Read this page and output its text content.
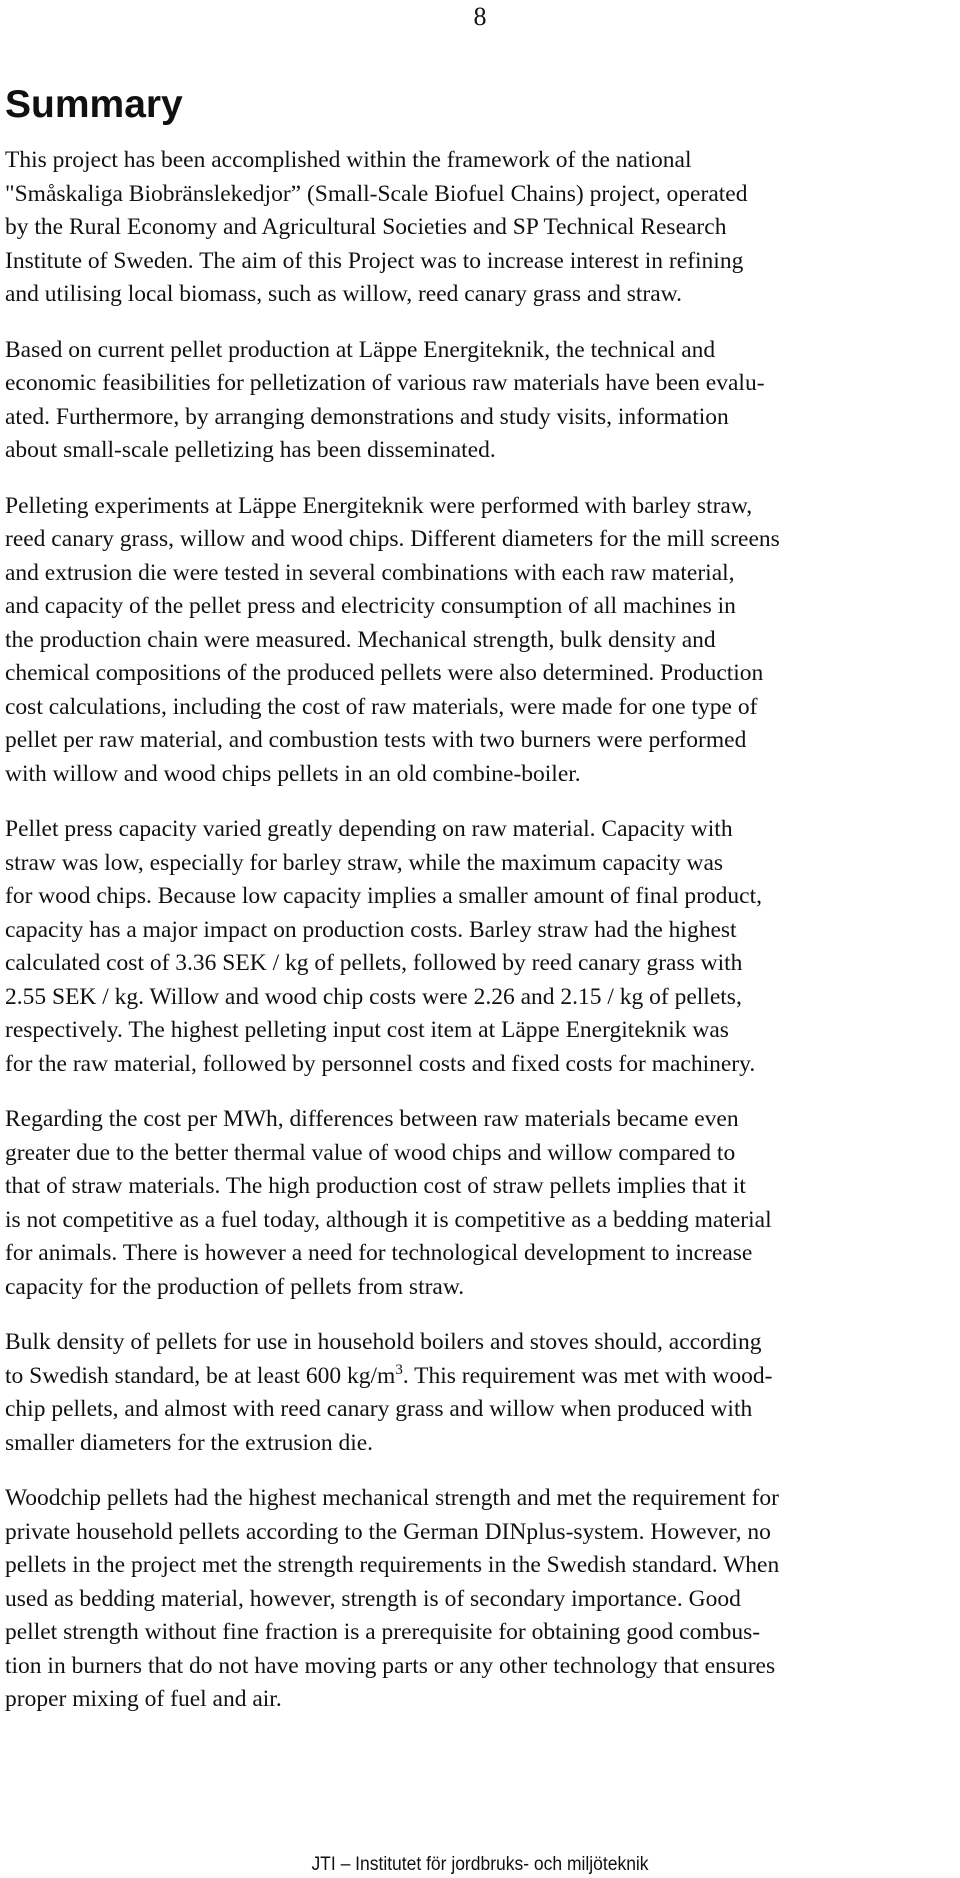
8
Summary

This project has been accomplished within the framework of the national
"Småskaliga Biobränslekedjor” (Small-Scale Biofuel Chains) project, operated
by the Rural Economy and Agricultural Societies and SP Technical Research
Institute of Sweden. The aim of this Project was to increase interest in refining
and utilising local biomass, such as willow, reed canary grass and straw.

Based on current pellet production at Läppe Energiteknik, the technical and
economic feasibilities for pelletization of various raw materials have been evalu-
ated. Furthermore, by arranging demonstrations and study visits, information
about small-scale pelletizing has been disseminated.

Pelleting experiments at Läppe Energiteknik were performed with barley straw,
reed canary grass, willow and wood chips. Different diameters for the mill screens
and extrusion die were tested in several combinations with each raw material,
and capacity of the pellet press and electricity consumption of all machines in
the production chain were measured. Mechanical strength, bulk density and
chemical compositions of the produced pellets were also determined. Production
cost calculations, including the cost of raw materials, were made for one type of
pellet per raw material, and combustion tests with two burners were performed
with willow and wood chips pellets in an old combine-boiler.

Pellet press capacity varied greatly depending on raw material. Capacity with
straw was low, especially for barley straw, while the maximum capacity was
for wood chips. Because low capacity implies a smaller amount of final product,
capacity has a major impact on production costs. Barley straw had the highest
calculated cost of 3.36 SEK / kg of pellets, followed by reed canary grass with
2.55 SEK / kg. Willow and wood chip costs were 2.26 and 2.15 / kg of pellets,
respectively. The highest pelleting input cost item at Läppe Energiteknik was
for the raw material, followed by personnel costs and fixed costs for machinery.

Regarding the cost per MWh, differences between raw materials became even
greater due to the better thermal value of wood chips and willow compared to
that of straw materials. The high production cost of straw pellets implies that it
is not competitive as a fuel today, although it is competitive as a bedding material
for animals. There is however a need for technological development to increase
capacity for the production of pellets from straw.

Bulk density of pellets for use in household boilers and stoves should, according
to Swedish standard, be at least 600 $kg/m^3$. This requirement was met with wood-
chip pellets, and almost with reed canary grass and willow when produced with
smaller diameters for the extrusion die.

Woodchip pellets had the highest mechanical strength and met the requirement for
private household pellets according to the German DINplus-system. However, no
pellets in the project met the strength requirements in the Swedish standard. When
used as bedding material, however, strength is of secondary importance. Good
pellet strength without fine fraction is a prerequisite for obtaining good combus-
tion in burners that do not have moving parts or any other technology that ensures
proper mixing of fuel and air.

JTI – Institutet för jordbruks- och miljöteknik
